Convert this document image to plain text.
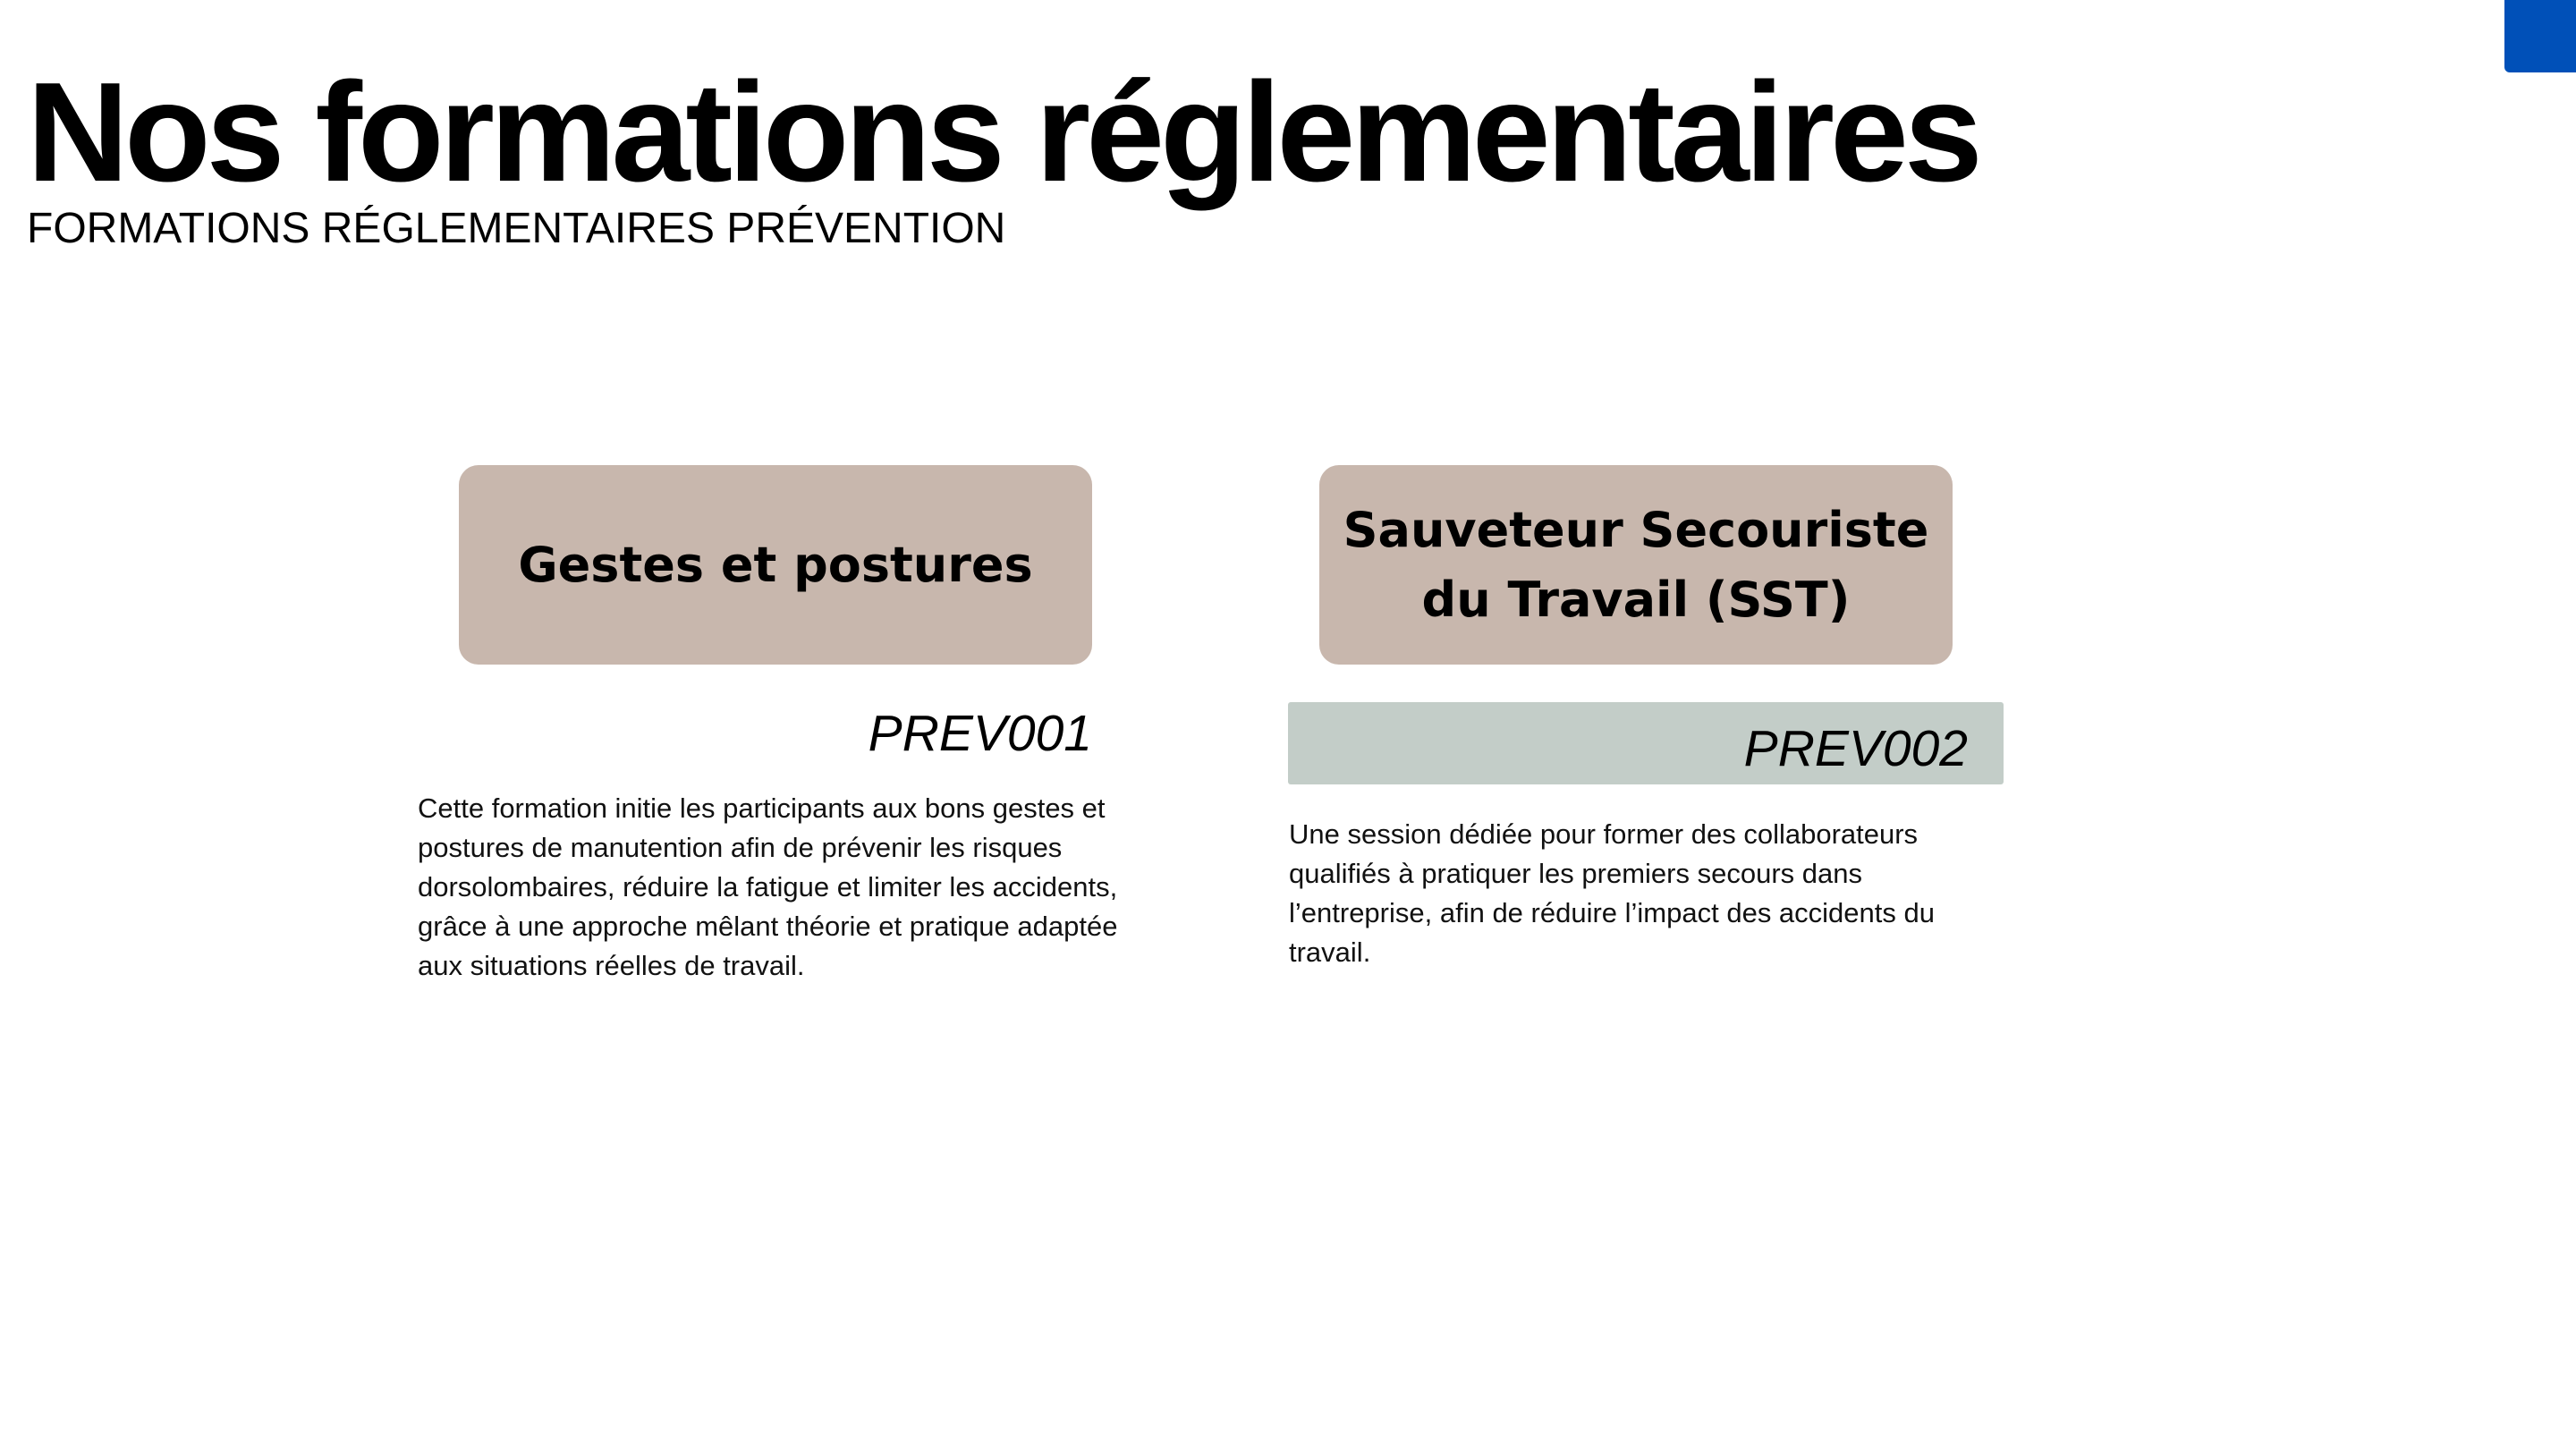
Nos formations réglementaires

FORMATIONS RÉGLEMENTAIRES PRÉVENTION

Gestes et postures
PREV001

Cette formation initie les participants aux bons gestes et postures de manutention afin de prévenir les risques dorsolombaires, réduire la fatigue et limiter les accidents, grâce à une approche mêlant théorie et pratique adaptée aux situations réelles de travail.

Sauveteur Secouriste du Travail (SST)
PREV002

Une session dédiée pour former des collaborateurs qualifiés à pratiquer les premiers secours dans l’entreprise, afin de réduire l’impact des accidents du travail.
